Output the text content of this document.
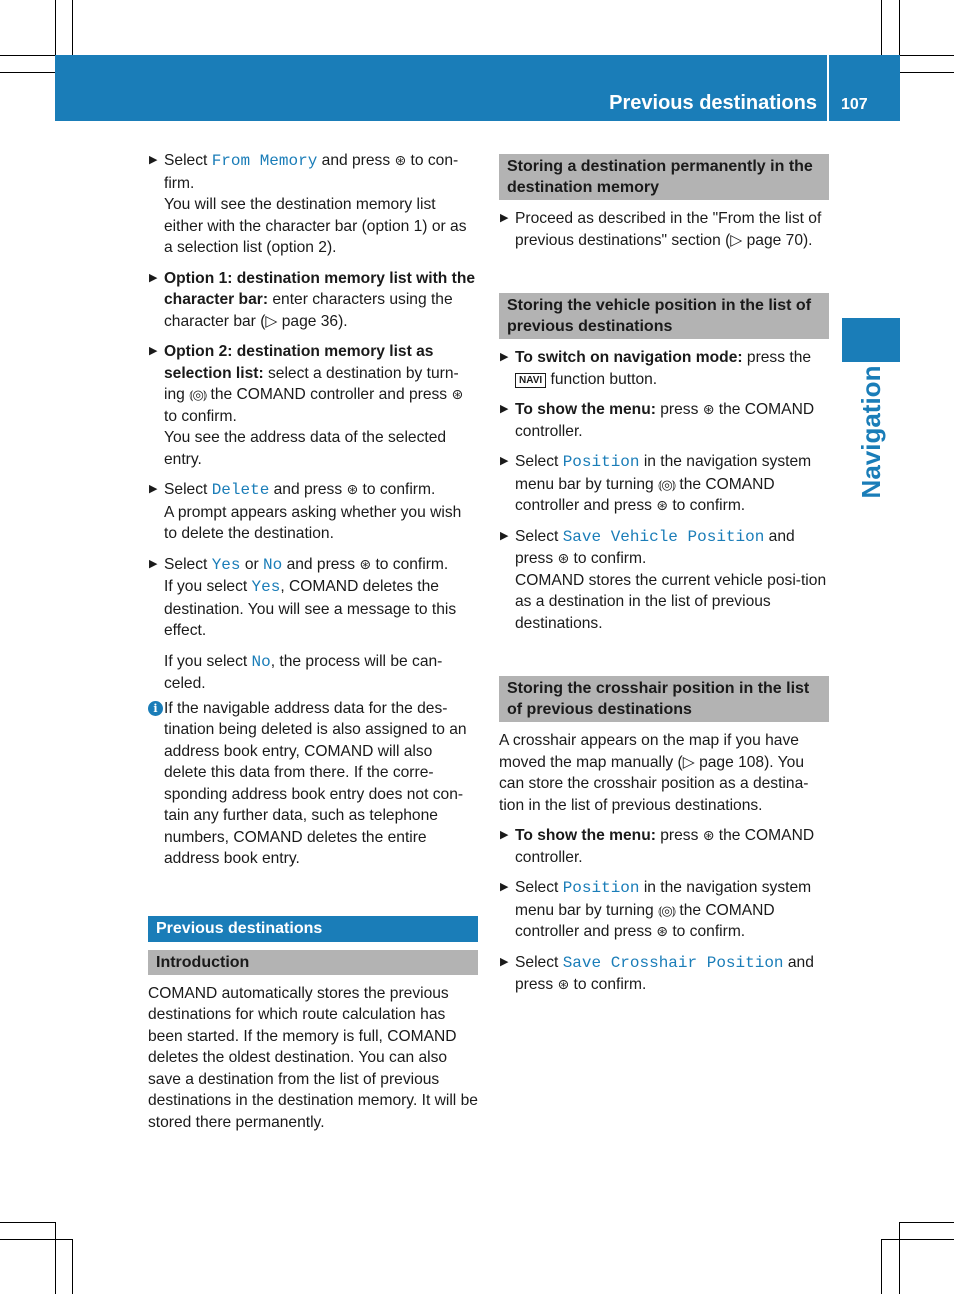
Previous destinations 107
Navigation
▶ Select From Memory and press ⊛ to con-firm.

You will see the destination memory list either with the character bar (option 1) or as a selection list (option 2).

▶ Option 1: destination memory list with the character bar: enter characters using the character bar (▷ page 36).

▶ Option 2: destination memory list as selection list: select a destination by turn-ing ⦅◎⦆ the COMAND controller and press ⊛ to confirm.

You see the address data of the selected entry.

▶ Select Delete and press ⊛ to confirm.

A prompt appears asking whether you wish to delete the destination.

▶ Select Yes or No and press ⊛ to confirm.

If you select Yes, COMAND deletes the destination. You will see a message to this effect.

If you select No, the process will be can-celed.

i If the navigable address data for the des-tination being deleted is also assigned to an address book entry, COMAND will also delete this data from there. If the corre-sponding address book entry does not con-tain any further data, such as telephone numbers, COMAND deletes the entire address book entry.

Previous destinations
Introduction

COMAND automatically stores the previous destinations for which route calculation has been started. If the memory is full, COMAND deletes the oldest destination. You can also save a destination from the list of previous destinations in the destination memory. It will be stored there permanently.

Storing a destination permanently in the destination memory
▶ Proceed as described in the "From the list of previous destinations" section (▷ page 70).

Storing the vehicle position in the list of previous destinations
▶ To switch on navigation mode: press the NAVI function button.

▶ To show the menu: press ⊛ the COMAND controller.

▶ Select Position in the navigation system menu bar by turning ⦅◎⦆ the COMAND controller and press ⊛ to confirm.

▶ Select Save Vehicle Position and press ⊛ to confirm.

COMAND stores the current vehicle posi-tion as a destination in the list of previous destinations.

Storing the crosshair position in the list of previous destinations

A crosshair appears on the map if you have moved the map manually (▷ page 108). You can store the crosshair position as a destina-tion in the list of previous destinations.

▶ To show the menu: press ⊛ the COMAND controller.

▶ Select Position in the navigation system menu bar by turning ⦅◎⦆ the COMAND controller and press ⊛ to confirm.

▶ Select Save Crosshair Position and press ⊛ to confirm.
